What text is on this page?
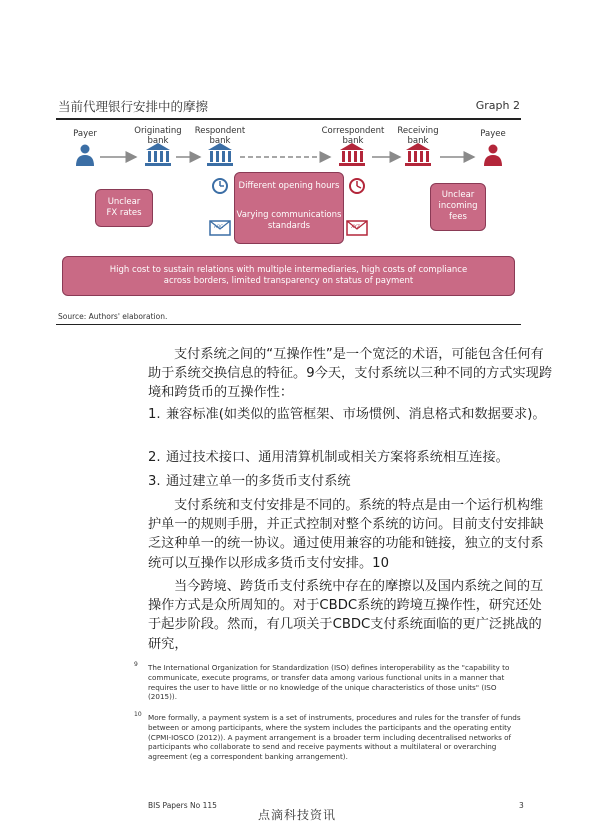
当前代理银行安排中的摩擦	Graph 2
Payer	Originating
bank
Respondent
bank
Correspondent
bank
Receiving
bank
Payee
ABC	XYZ
Unclear
FX rates
Different opening hours
Varying communications
standards
Unclear
incoming
fees
High cost to sustain relations with multiple intermediaries, high costs of compliance
across borders, limited transparency on status of payment
Source: Authors' elaboration.

支付系统之间的“互操作性”是一个宽泛的术语，可能包含任何有助于系统交换信息的特征。9今天，支付系统以三种不同的方式实现跨境和跨货币的互操作性：

1. 兼容标准(如类似的监管框架、市场惯例、消息格式和数据要求)。
2. 通过技术接口、通用清算机制或相关方案将系统相互连接。
3. 通过建立单一的多货币支付系统

支付系统和支付安排是不同的。系统的特点是由一个运行机构维护单一的规则手册，并正式控制对整个系统的访问。目前支付安排缺乏这种单一的统一协议。通过使用兼容的功能和链接，独立的支付系统可以互操作以形成多货币支付安排。10

当今跨境、跨货币支付系统中存在的摩擦以及国内系统之间的互操作方式是众所周知的。对于CBDC系统的跨境互操作性，研究还处于起步阶段。然而，有几项关于CBDC支付系统面临的更广泛挑战的研究，

9 The International Organization for Standardization (ISO) defines interoperability as the "capability to communicate, execute programs, or transfer data among various functional units in a manner that requires the user to have little or no knowledge of the unique characteristics of those units" (ISO (2015)).
10 More formally, a payment system is a set of instruments, procedures and rules for the transfer of funds between or among participants, where the system includes the participants and the operating entity (CPMI-IOSCO (2012)). A payment arrangement is a broader term including decentralised networks of participants who collaborate to send and receive payments without a multilateral or overarching agreement (eg a correspondent banking arrangement).
BIS Papers No 115	3
点滴科技资讯
